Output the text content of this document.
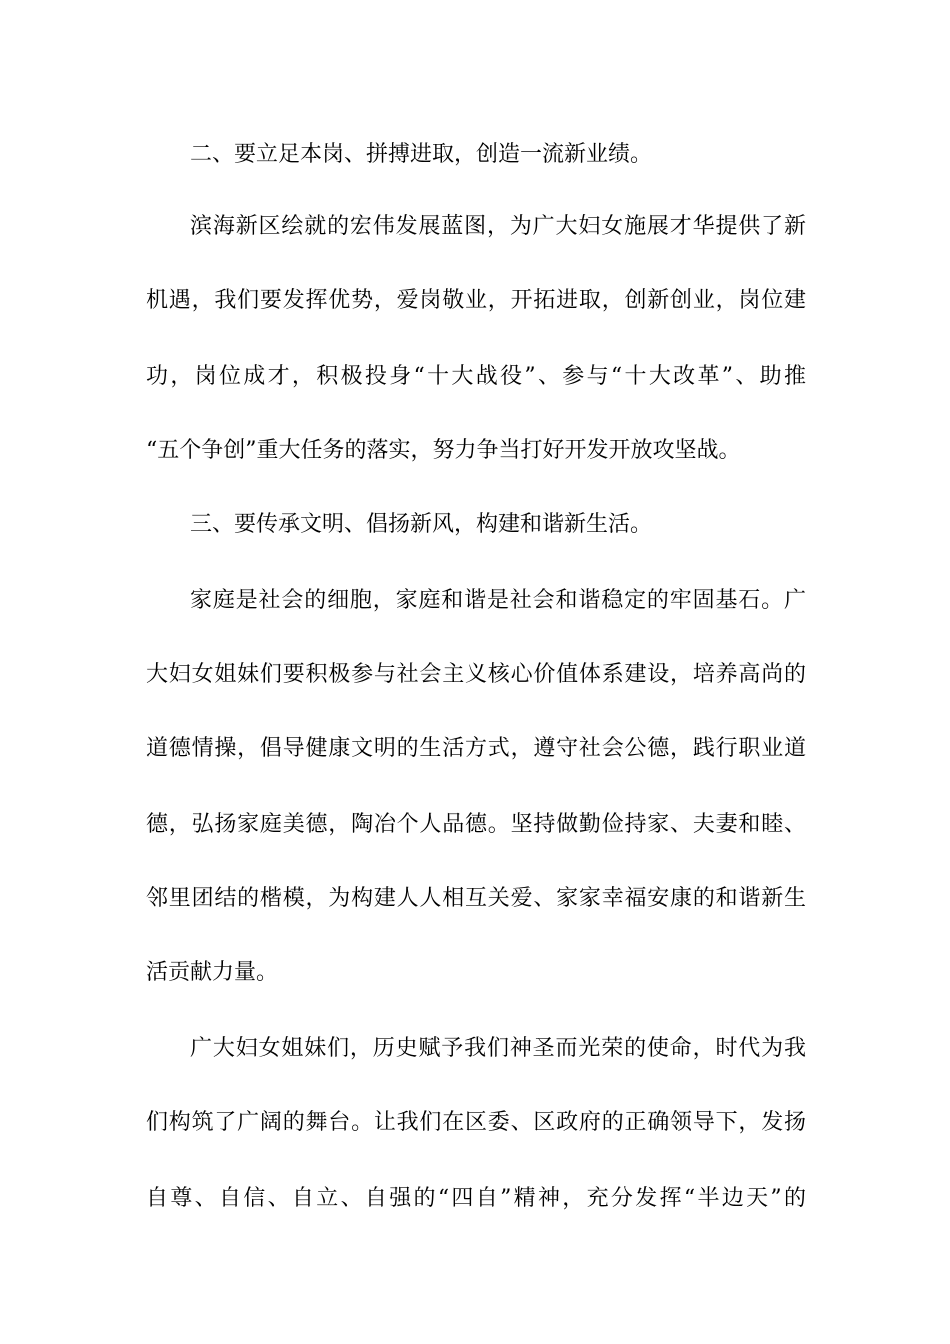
二、要立足本岗、拼搏进取，创造一流新业绩。
滨海新区绘就的宏伟发展蓝图，为广大妇女施展才华提供了新
机遇，我们要发挥优势，爱岗敬业，开拓进取，创新创业，岗位建
功，岗位成才，积极投身“十大战役”、参与“十大改革”、助推
“五个争创”重大任务的落实，努力争当打好开发开放攻坚战。
三、要传承文明、倡扬新风，构建和谐新生活。
家庭是社会的细胞，家庭和谐是社会和谐稳定的牢固基石。广
大妇女姐妹们要积极参与社会主义核心价值体系建设，培养高尚的
道德情操，倡导健康文明的生活方式，遵守社会公德，践行职业道
德，弘扬家庭美德，陶冶个人品德。坚持做勤俭持家、夫妻和睦、
邻里团结的楷模，为构建人人相互关爱、家家幸福安康的和谐新生
活贡献力量。
广大妇女姐妹们，历史赋予我们神圣而光荣的使命，时代为我
们构筑了广阔的舞台。让我们在区委、区政府的正确领导下，发扬
自尊、自信、自立、自强的“四自”精神，充分发挥“半边天”的
